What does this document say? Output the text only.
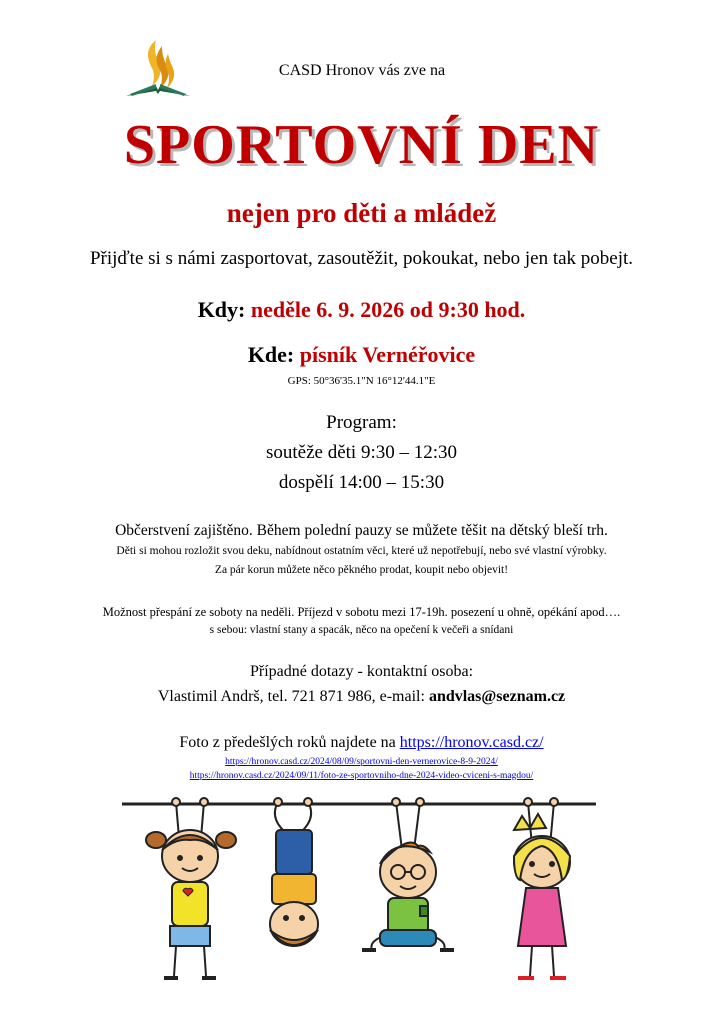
CASD Hronov vás zve na
SPORTOVNÍ DEN
nejen pro děti a mládež
Přijďte si s námi zasportovat, zasoutěžit, pokoukat, nebo jen tak pobejt.
Kdy: neděle 6. 9. 2026 od 9:30 hod.
Kde: písník Vernéřovice
GPS: 50°36'35.1"N 16°12'44.1"E
Program:
soutěže děti 9:30 – 12:30
dospělí 14:00 – 15:30
Občerstvení zajištěno. Během polední pauzy se můžete těšit na dětský bleší trh.
Děti si mohou rozložit svou deku, nabídnout ostatním věci, které už nepotřebují, nebo své vlastní výrobky.
Za pár korun můžete něco pěkného prodat, koupit nebo objevit!
Možnost přespání ze soboty na neděli. Příjezd v sobotu mezi 17-19h. posezení u ohně, opékání apod….
s sebou: vlastní stany a spacák, něco na opečení k večeři a snídani
Případné dotazy - kontaktní osoba:
Vlastimil Andrš, tel. 721 871 986, e-mail: andvlas@seznam.cz
Foto z předešlých roků najdete na https://hronov.casd.cz/
https://hronov.casd.cz/2024/08/09/sportovni-den-vernerovice-8-9-2024/
https://hronov.casd.cz/2024/09/11/foto-ze-sportovniho-dne-2024-video-cviceni-s-magdou/
